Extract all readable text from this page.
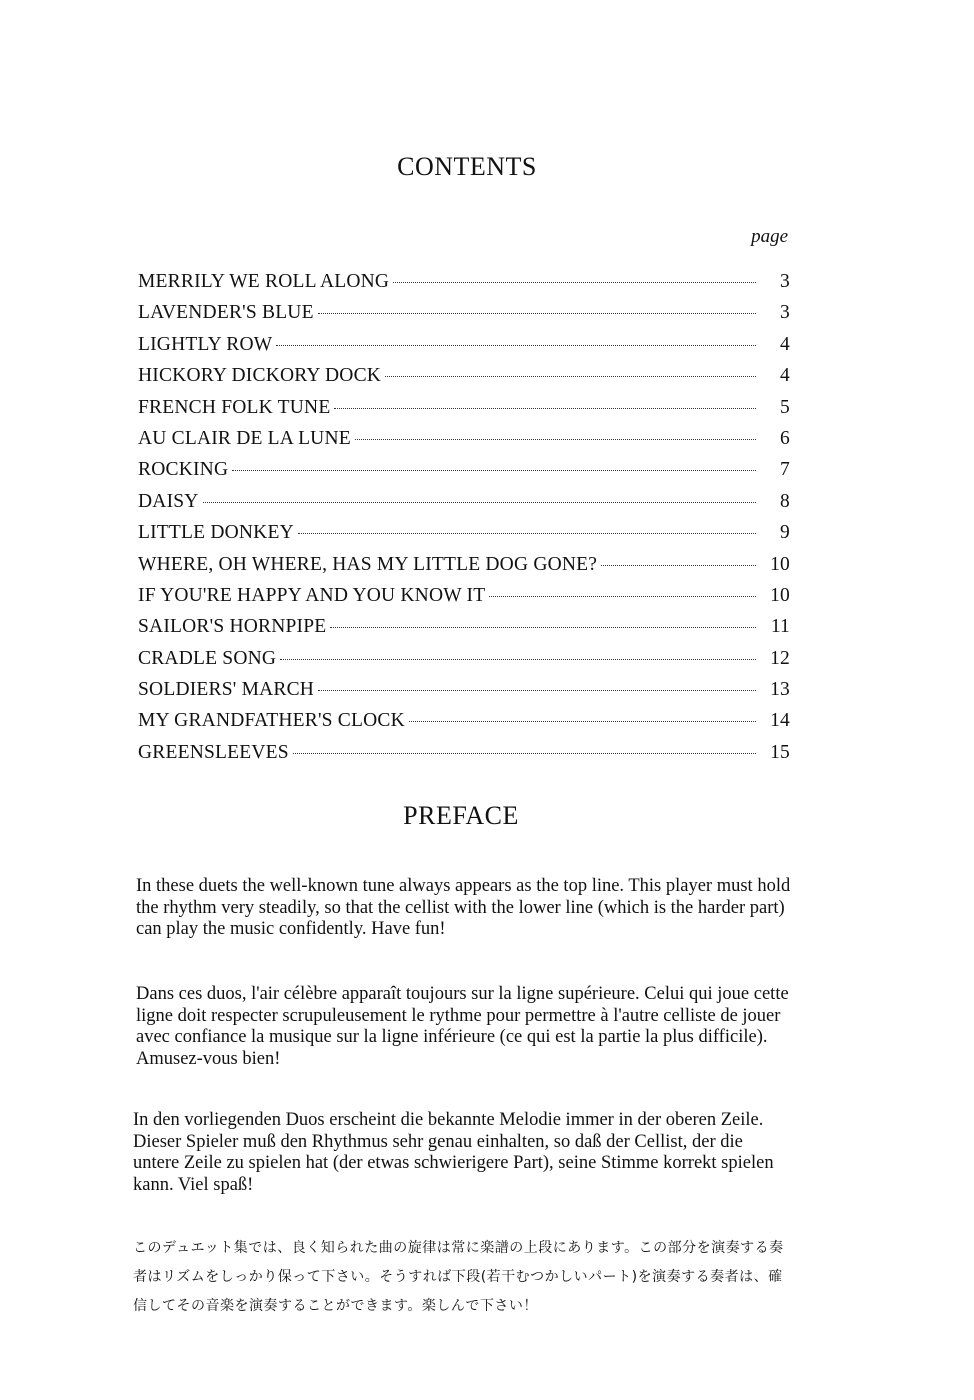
CONTENTS
page
MERRILY WE ROLL ALONG	3
LAVENDER'S BLUE	3
LIGHTLY ROW	4
HICKORY DICKORY DOCK	4
FRENCH FOLK TUNE	5
AU CLAIR DE LA LUNE	6
ROCKING	7
DAISY	8
LITTLE DONKEY	9
WHERE, OH WHERE, HAS MY LITTLE DOG GONE?	10
IF YOU'RE HAPPY AND YOU KNOW IT	10
SAILOR'S HORNPIPE	11
CRADLE SONG	12
SOLDIERS' MARCH	13
MY GRANDFATHER'S CLOCK	14
GREENSLEEVES	15
PREFACE
In these duets the well-known tune always appears as the top line. This player must hold the rhythm very steadily, so that the cellist with the lower line (which is the harder part) can play the music confidently. Have fun!
Dans ces duos, l'air célèbre apparaît toujours sur la ligne supérieure. Celui qui joue cette ligne doit respecter scrupuleusement le rythme pour permettre à l'autre celliste de jouer avec confiance la musique sur la ligne inférieure (ce qui est la partie la plus difficile). Amusez-vous bien!
In den vorliegenden Duos erscheint die bekannte Melodie immer in der oberen Zeile. Dieser Spieler muß den Rhythmus sehr genau einhalten, so daß der Cellist, der die untere Zeile zu spielen hat (der etwas schwierigere Part), seine Stimme korrekt spielen kann. Viel spaß!
このデュエット集では、良く知られた曲の旋律は常に楽譜の上段にあります。この部分を演奏する奏者はリズムをしっかり保って下さい。そうすれば下段(若干むつかしいパート)を演奏する奏者は、確信してその音楽を演奏することができます。楽しんで下さい！
